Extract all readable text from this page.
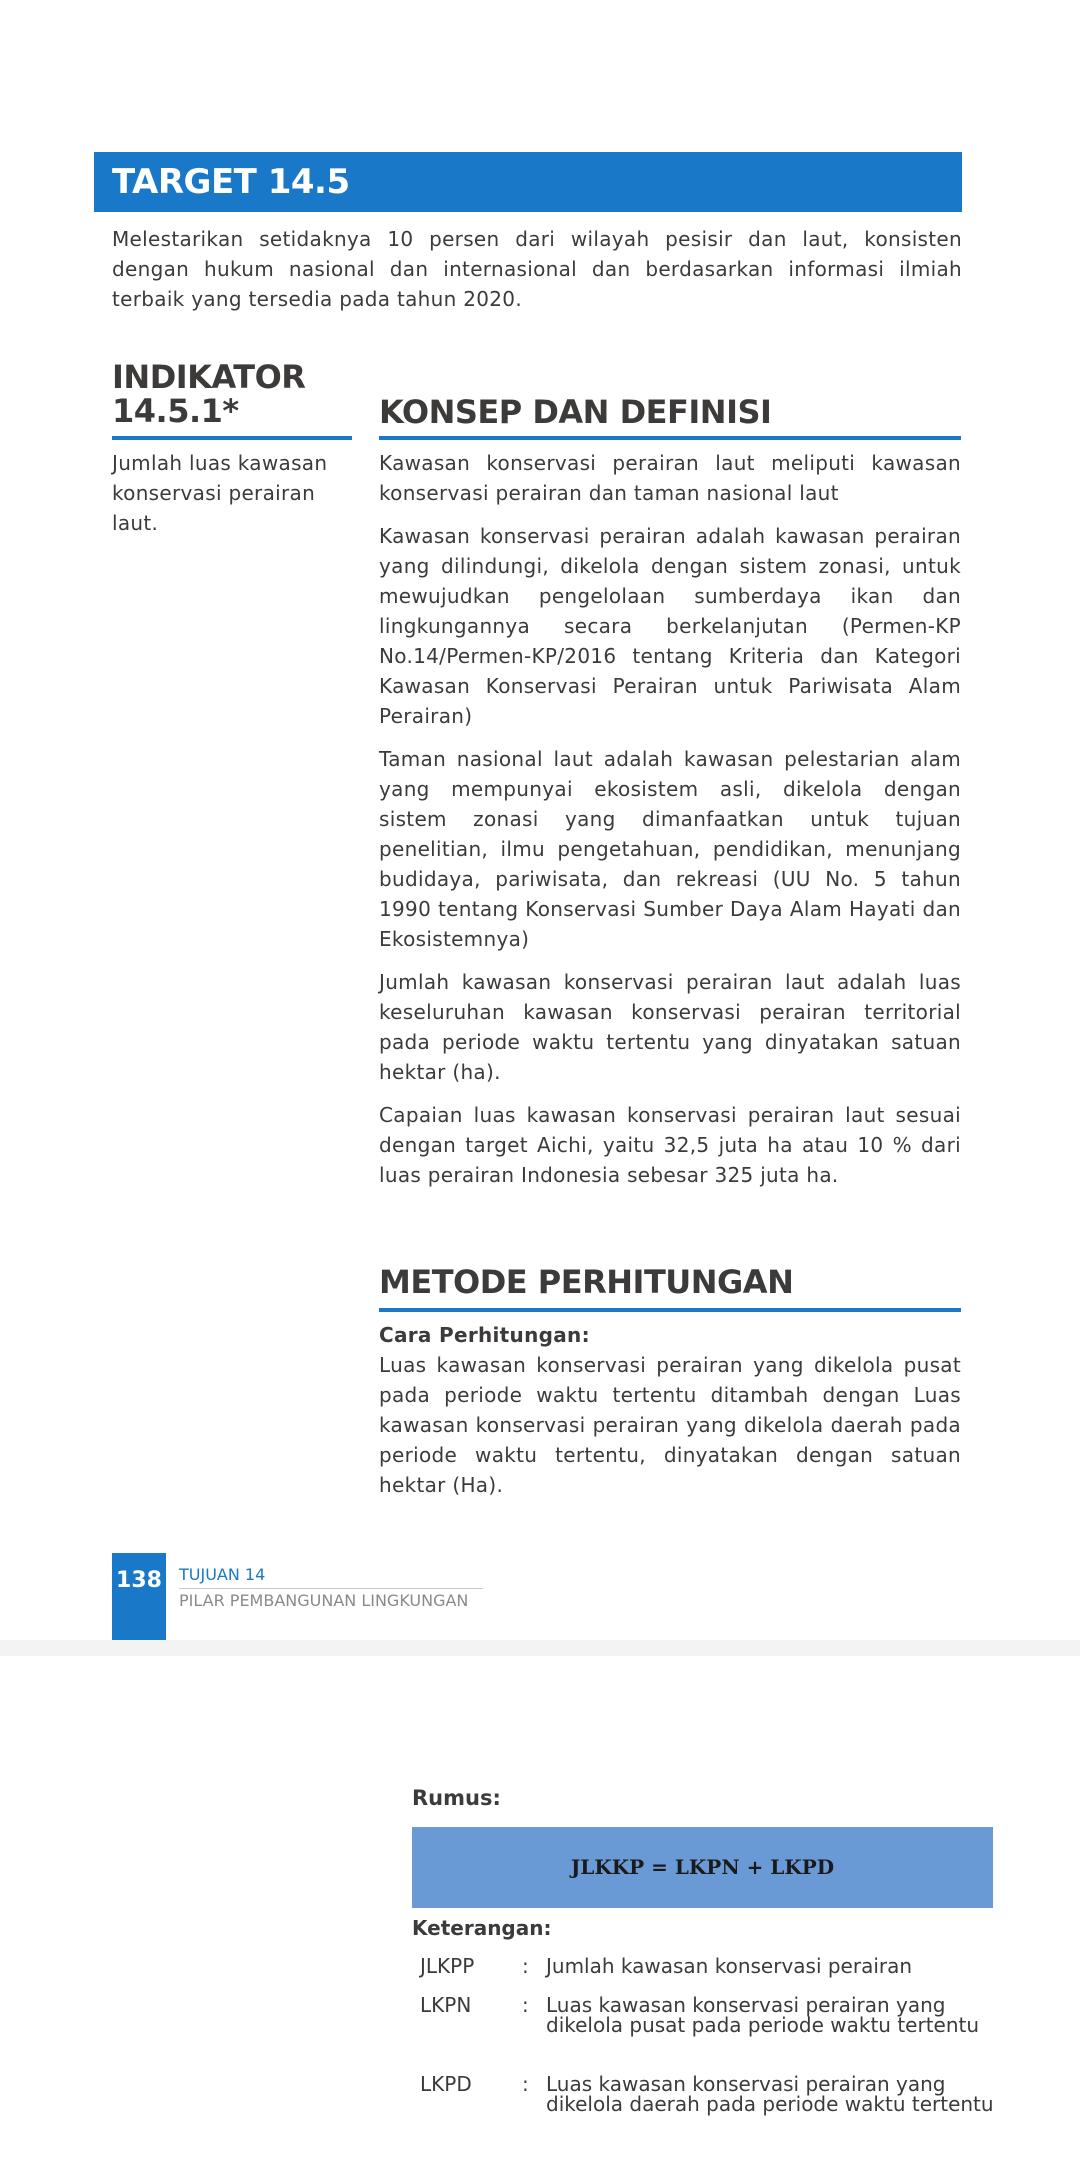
TARGET 14.5
Melestarikan setidaknya 10 persen dari wilayah pesisir dan laut, konsisten dengan hukum nasional dan internasional dan berdasarkan informasi ilmiah terbaik yang tersedia pada tahun 2020.
INDIKATOR 14.5.1*
Jumlah luas kawasan konservasi perairan laut.
KONSEP DAN DEFINISI

Kawasan konservasi perairan laut meliputi kawasan konservasi perairan dan taman nasional laut

Kawasan konservasi perairan adalah kawasan perairan yang dilindungi, dikelola dengan sistem zonasi, untuk mewujudkan pengelolaan sumberdaya ikan dan lingkungannya secara berkelanjutan (Permen-KP No.14/Permen-KP/2016 tentang Kriteria dan Kategori Kawasan Konservasi Perairan untuk Pariwisata Alam Perairan)

Taman nasional laut adalah kawasan pelestarian alam yang mempunyai ekosistem asli, dikelola dengan sistem zonasi yang dimanfaatkan untuk tujuan penelitian, ilmu pengetahuan, pendidikan, menunjang budidaya, pariwisata, dan rekreasi (UU No. 5 tahun 1990 tentang Konservasi Sumber Daya Alam Hayati dan Ekosistemnya)

Jumlah kawasan konservasi perairan laut adalah luas keseluruhan kawasan konservasi perairan territorial pada periode waktu tertentu yang dinyatakan satuan hektar (ha).

Capaian luas kawasan konservasi perairan laut sesuai dengan target Aichi, yaitu 32,5 juta ha atau 10 % dari luas perairan Indonesia sebesar 325 juta ha.

METODE PERHITUNGAN
Cara Perhitungan:
Luas kawasan konservasi perairan yang dikelola pusat pada periode waktu tertentu ditambah dengan Luas kawasan konservasi perairan yang dikelola daerah pada periode waktu tertentu, dinyatakan dengan satuan hektar (Ha).
138 TUJUAN 14
PILAR PEMBANGUNAN LINGKUNGAN
Rumus:
JLKKP = LKPN + LKPD
Keterangan:
JLKPP : Jumlah kawasan konservasi perairan
LKPN	: Luas kawasan konservasi perairan yang dikelola pusat pada periode waktu tertentu
LKPD	: Luas kawasan konservasi perairan yang dikelola daerah pada periode waktu tertentu
